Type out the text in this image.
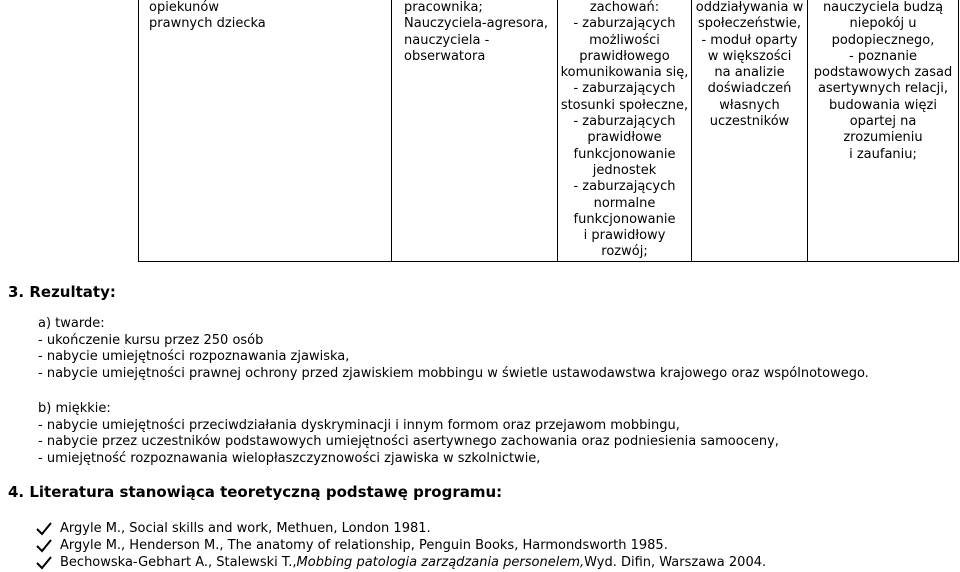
opiekunów
prawnych dziecka
pracownika;
Nauczyciela-agresora,
nauczyciela -
obserwatora
zachowań:
- zaburzających
możliwości
prawidłowego
komunikowania się,
- zaburzających
stosunki społeczne,
- zaburzających
prawidłowe
funkcjonowanie
jednostek
- zaburzających
normalne
funkcjonowanie
i prawidłowy
rozwój;
oddziaływania w
społeczeństwie,
- moduł oparty
w większości
na analizie
doświadczeń
własnych
uczestników
nauczyciela budzą
niepokój u
podopiecznego,
- poznanie
podstawowych zasad
asertywnych relacji,
budowania więzi
opartej na
zrozumieniu
i zaufaniu;
3. Rezultaty:
a) twarde:
- ukończenie kursu przez 250 osób
- nabycie umiejętności rozpoznawania zjawiska,
- nabycie umiejętności prawnej ochrony przed zjawiskiem mobbingu w świetle ustawodawstwa krajowego oraz wspólnotowego.
b) miękkie:
- nabycie umiejętności przeciwdziałania dyskryminacji i innym formom oraz przejawom mobbingu,
- nabycie przez uczestników podstawowych umiejętności asertywnego zachowania oraz podniesienia samooceny,
- umiejętność rozpoznawania wielopłaszczyznowości zjawiska w szkolnictwie,
4. Literatura stanowiąca teoretyczną podstawę programu:
Argyle M., Social skills and work, Methuen, London 1981.
Argyle M., Henderson M., The anatomy of relationship, Penguin Books, Harmondsworth 1985.
Bechowska-Gebhart A., Stalewski T., Mobbing patologia zarządzania personelem, Wyd. Difin, Warszawa 2004.
